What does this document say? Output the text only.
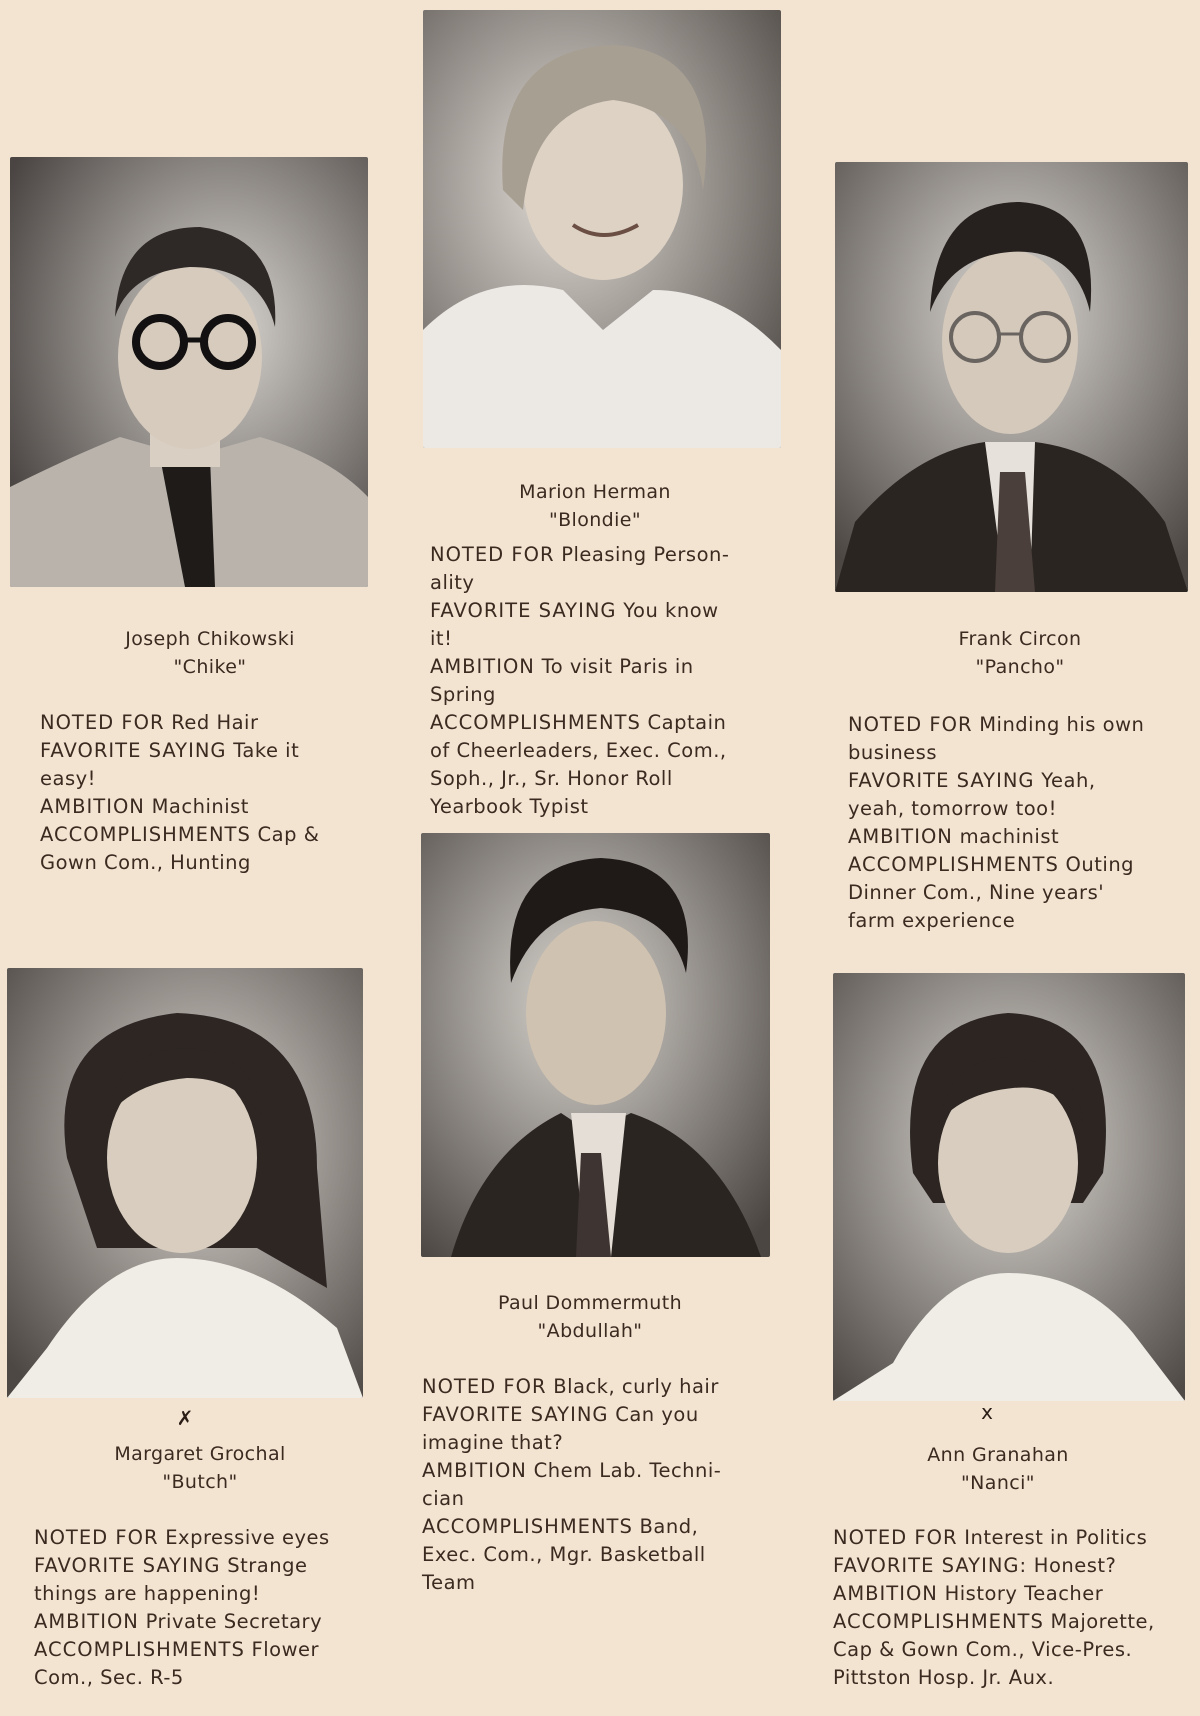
Joseph Chikowski
"Chike"

NOTED FOR Red Hair

FAVORITE SAYING Take it

easy!

AMBITION Machinist

ACCOMPLISHMENTS Cap &

Gown Com., Hunting

Marion Herman
"Blondie"

NOTED FOR Pleasing Person-

ality

FAVORITE SAYING You know

it!

AMBITION To visit Paris in

Spring

ACCOMPLISHMENTS Captain

of Cheerleaders, Exec. Com.,

Soph., Jr., Sr. Honor Roll

Yearbook Typist

Frank Circon
"Pancho"

NOTED FOR Minding his own

business

FAVORITE SAYING Yeah,

yeah, tomorrow too!

AMBITION machinist

ACCOMPLISHMENTS Outing

Dinner Com., Nine years'

farm experience

✗
Margaret Grochal
"Butch"

NOTED FOR Expressive eyes

FAVORITE SAYING Strange

things are happening!

AMBITION Private Secretary

ACCOMPLISHMENTS Flower

Com., Sec. R-5

Paul Dommermuth
"Abdullah"

NOTED FOR Black, curly hair

FAVORITE SAYING Can you

imagine that?

AMBITION Chem Lab. Techni-

cian

ACCOMPLISHMENTS Band,

Exec. Com., Mgr. Basketball

Team

x
Ann Granahan
"Nanci"

NOTED FOR Interest in Politics

FAVORITE SAYING: Honest?

AMBITION History Teacher

ACCOMPLISHMENTS Majorette,

Cap & Gown Com., Vice-Pres.

Pittston Hosp. Jr. Aux.
